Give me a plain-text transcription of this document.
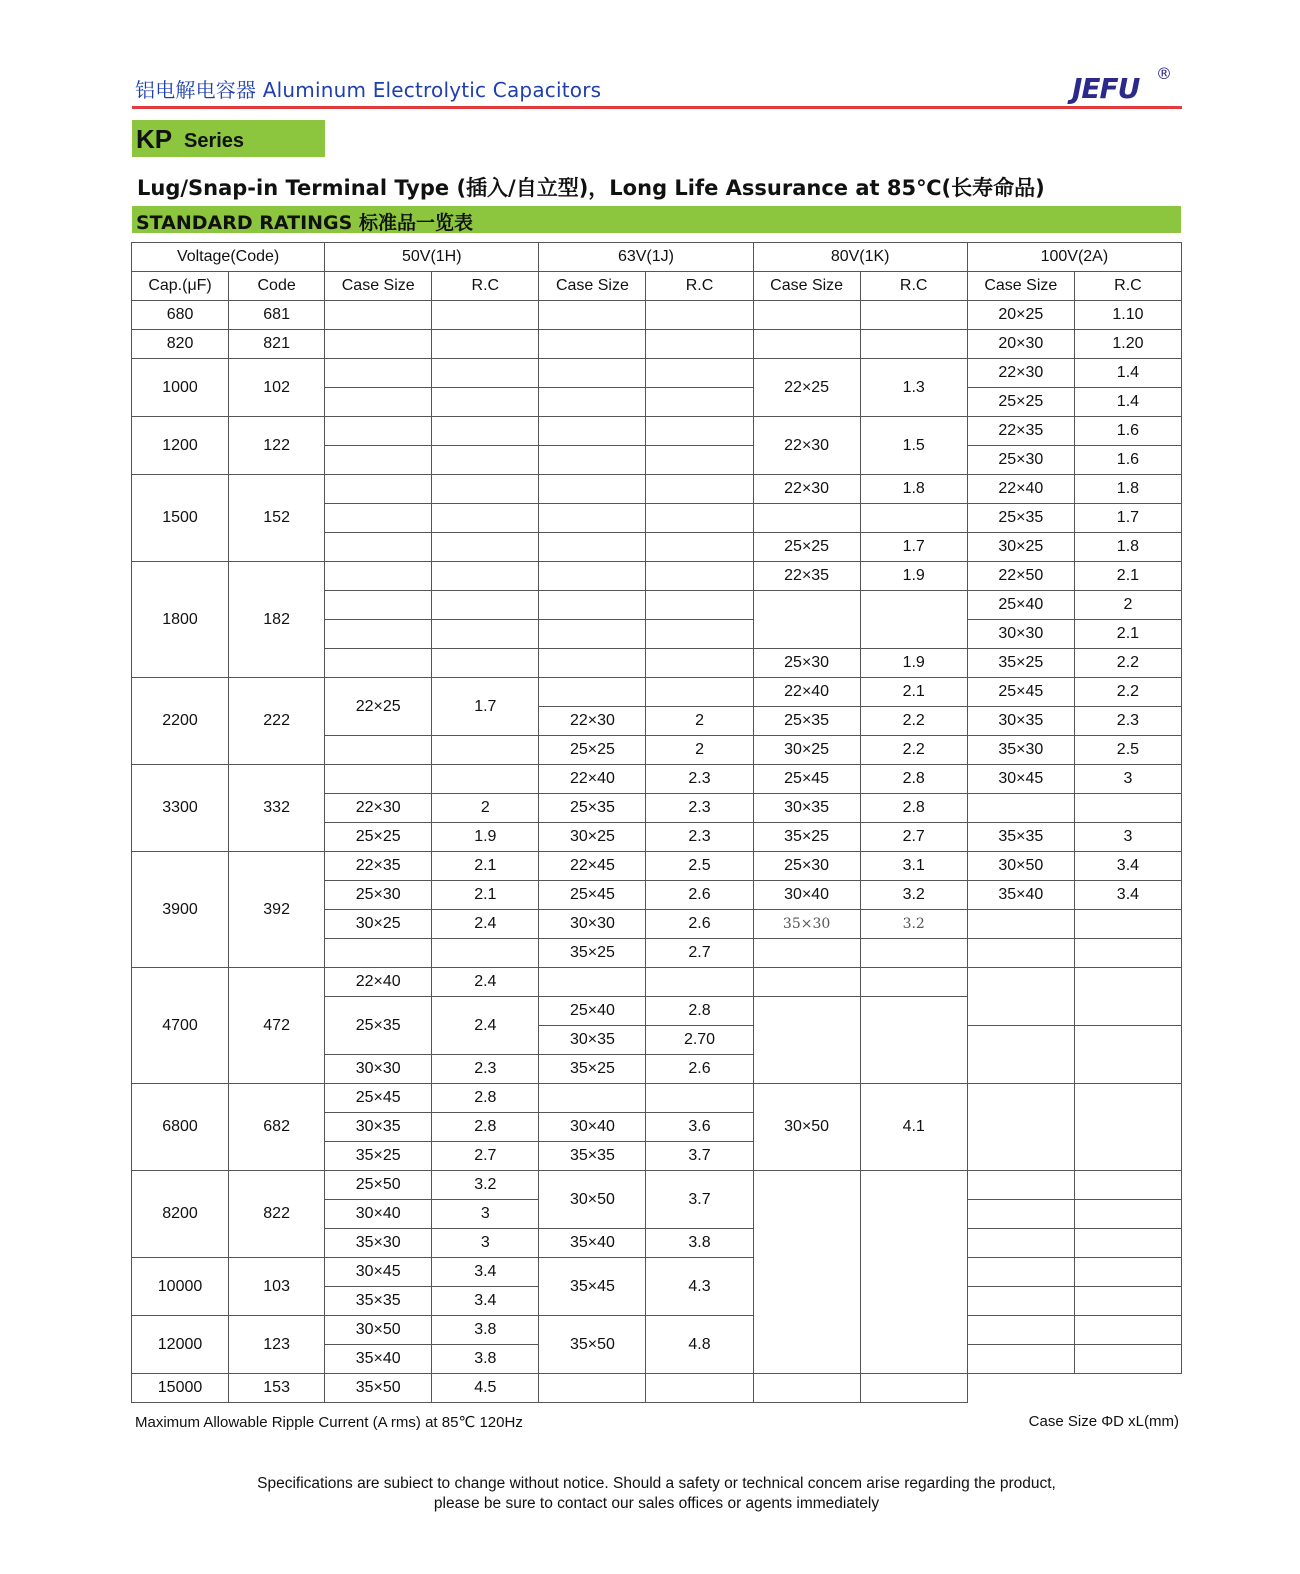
铝电解电容器 Aluminum Electrolytic Capacitors	JEFU ®
KP Series
Lug/Snap-in Terminal Type (插入/自立型)，Long Life Assurance at 85℃(长寿命品)
STANDARD RATINGS 标准品一览表
Voltage(Code)		50V(1H)		63V(1J)		80V(1K)		100V(2A)	
Cap.(μF)	Code	Case Size	R.C	Case Size	R.C	Case Size	R.C	Case Size	R.C
680	681							20×25	1.10
820	821							20×30	1.20
1000	102					22×25	1.3	22×30	1.4
								25×25	1.4
1200	122					22×30	1.5	22×35	1.6
								25×30	1.6
1500	152					22×30	1.8	22×40	1.8
								25×35	1.7
						25×25	1.7	30×25	1.8
1800	182					22×35	1.9	22×50	2.1
								25×40	2
								30×30	2.1
						25×30	1.9	35×25	2.2
2200	222	22×25	1.7			22×40	2.1	25×45	2.2
				22×30	2	25×35	2.2	30×35	2.3
				25×25	2	30×25	2.2	35×30	2.5
3300	332			22×40	2.3	25×45	2.8	30×45	3
		22×30	2	25×35	2.3	30×35	2.8		
		25×25	1.9	30×25	2.3	35×25	2.7	35×35	3
3900	392	22×35	2.1	22×45	2.5	25×30	3.1	30×50	3.4
		25×30	2.1	25×45	2.6	30×40	3.2	35×40	3.4
		30×25	2.4	30×30	2.6	35×30	3.2		
				35×25	2.7				
4700	472	22×40	2.4						
		25×35	2.4	25×40	2.8				
				30×35	2.70				
		30×30	2.3	35×25	2.6				
6800	682	25×45	2.8			30×50	4.1		
		30×35	2.8	30×40	3.6				
		35×25	2.7	35×35	3.7				
8200	822	25×50	3.2	30×50	3.7				
		30×40	3						
		35×30	3	35×40	3.8				
10000	103	30×45	3.4	35×45	4.3				
		35×35	3.4						
12000	123	30×50	3.8	35×50	4.8				
		35×40	3.8						
15000	153	35×50	4.5						
Maximum Allowable Ripple Current (A rms) at 85℃ 120Hz	Case Size ΦD xL(mm)
Specifications are subiect to change without notice. Should a safety or technical concem arise regarding the product,
please be sure to contact our sales offices or agents immediately
